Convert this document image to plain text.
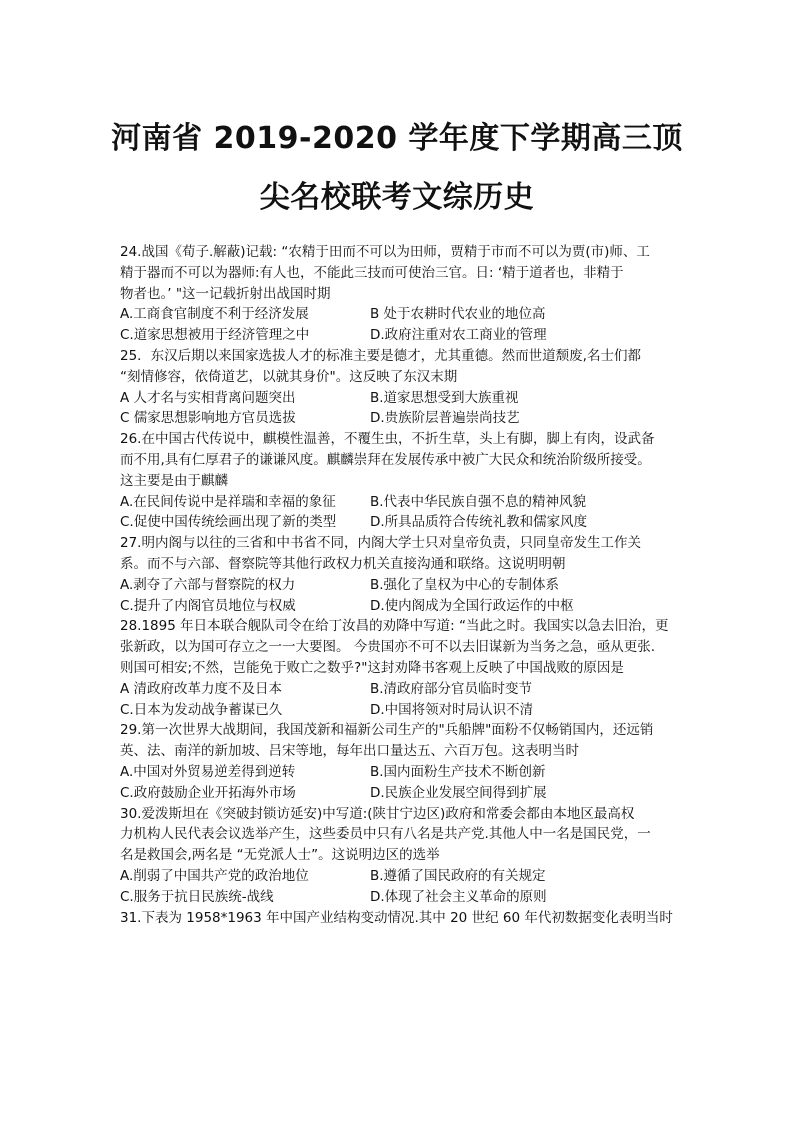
河南省 2019-2020 学年度下学期高三顶
尖名校联考文综历史
24.战国《荀子.解蔽)记载: “农精于田而不可以为田师，贾精于市而不可以为贾(市)师、工
精于器而不可以为器师:有人也，不能此三技而可使治三官。日: ‘精于道者也，非精于
物者也。’ "这一记载折射出战国时期
A.工商食官制度不利于经济发展	B 处于农耕时代农业的地位高
C.道家思想被用于经济管理之中	D.政府注重对农工商业的管理
25．东汉后期以来国家选拔人才的标准主要是德才，尤其重德。然而世道颓废,名士们都
“刻情修容，依倚道艺，以就其身价"。这反映了东汉末期
A 人才名与实相背离问题突出	B.道家思想受到大族重视
C 儒家思想影响地方官员选拔	D.贵族阶层普遍崇尚技艺
26.在中国古代传说中，麒模性温善，不覆生虫，不折生草，头上有脚，脚上有肉，设武备
而不用,具有仁厚君子的谦谦风度。麒麟崇拜在发展传承中被广大民众和统治阶级所接受。
这主要是由于麒麟
A.在民间传说中是祥瑞和幸福的象征	B.代表中华民族自强不息的精神风貌
C.促使中国传统绘画出现了新的类型	D.所具品质符合传统礼教和儒家风度
27.明内阁与以往的三省和中书省不同，内阁大学士只对皇帝负责，只同皇帝发生工作关
系。而不与六部、督察院等其他行政权力机关直接沟通和联络。这说明明朝
A.剥夺了六部与督察院的权力	B.强化了皇权为中心的专制体系
C.提升了内阁官员地位与权威	D.使内阁成为全国行政运作的中枢
28.1895 年日本联合舰队司令在给丁汝昌的劝降中写道: “当此之时。我国实以急去旧治，更
张新政，以为国可存立之一一大要图。 今贵国亦不可不以去旧谋新为当务之急，亟从更张.
则国可相安;不然，岂能免于败亡之数乎?"这封劝降书客观上反映了中国战败的原因是
A 清政府改革力度不及日本	B.清政府部分官员临时变节
C.日本为发动战争蓄谋已久	D.中国将领对时局认识不清
29.第一次世界大战期间，我国茂新和福新公司生产的"兵船牌"面粉不仅畅销国内，还远销
英、法、南洋的新加坡、吕宋等地，每年出口量达五、六百万包。这表明当时
A.中国对外贸易逆差得到逆转	B.国内面粉生产技术不断创新
C.政府鼓励企业开拓海外市场	D.民族企业发展空间得到扩展
30.爱泼斯坦在《突破封锁访延安)中写道:(陕甘宁边区)政府和常委会都由本地区最高权
力机构人民代表会议选举产生，这些委员中只有八名是共产党.其他人中一名是国民党，一
名是救国会,两名是 “无党派人士”。这说明边区的选举
A.削弱了中国共产党的政治地位	B.遵循了国民政府的有关规定
C.服务于抗日民族统-战线	D.体现了社会主义革命的原则
31.下表为 1958*1963 年中国产业结构变动情况.其中 20 世纪 60 年代初数据变化表明当时
